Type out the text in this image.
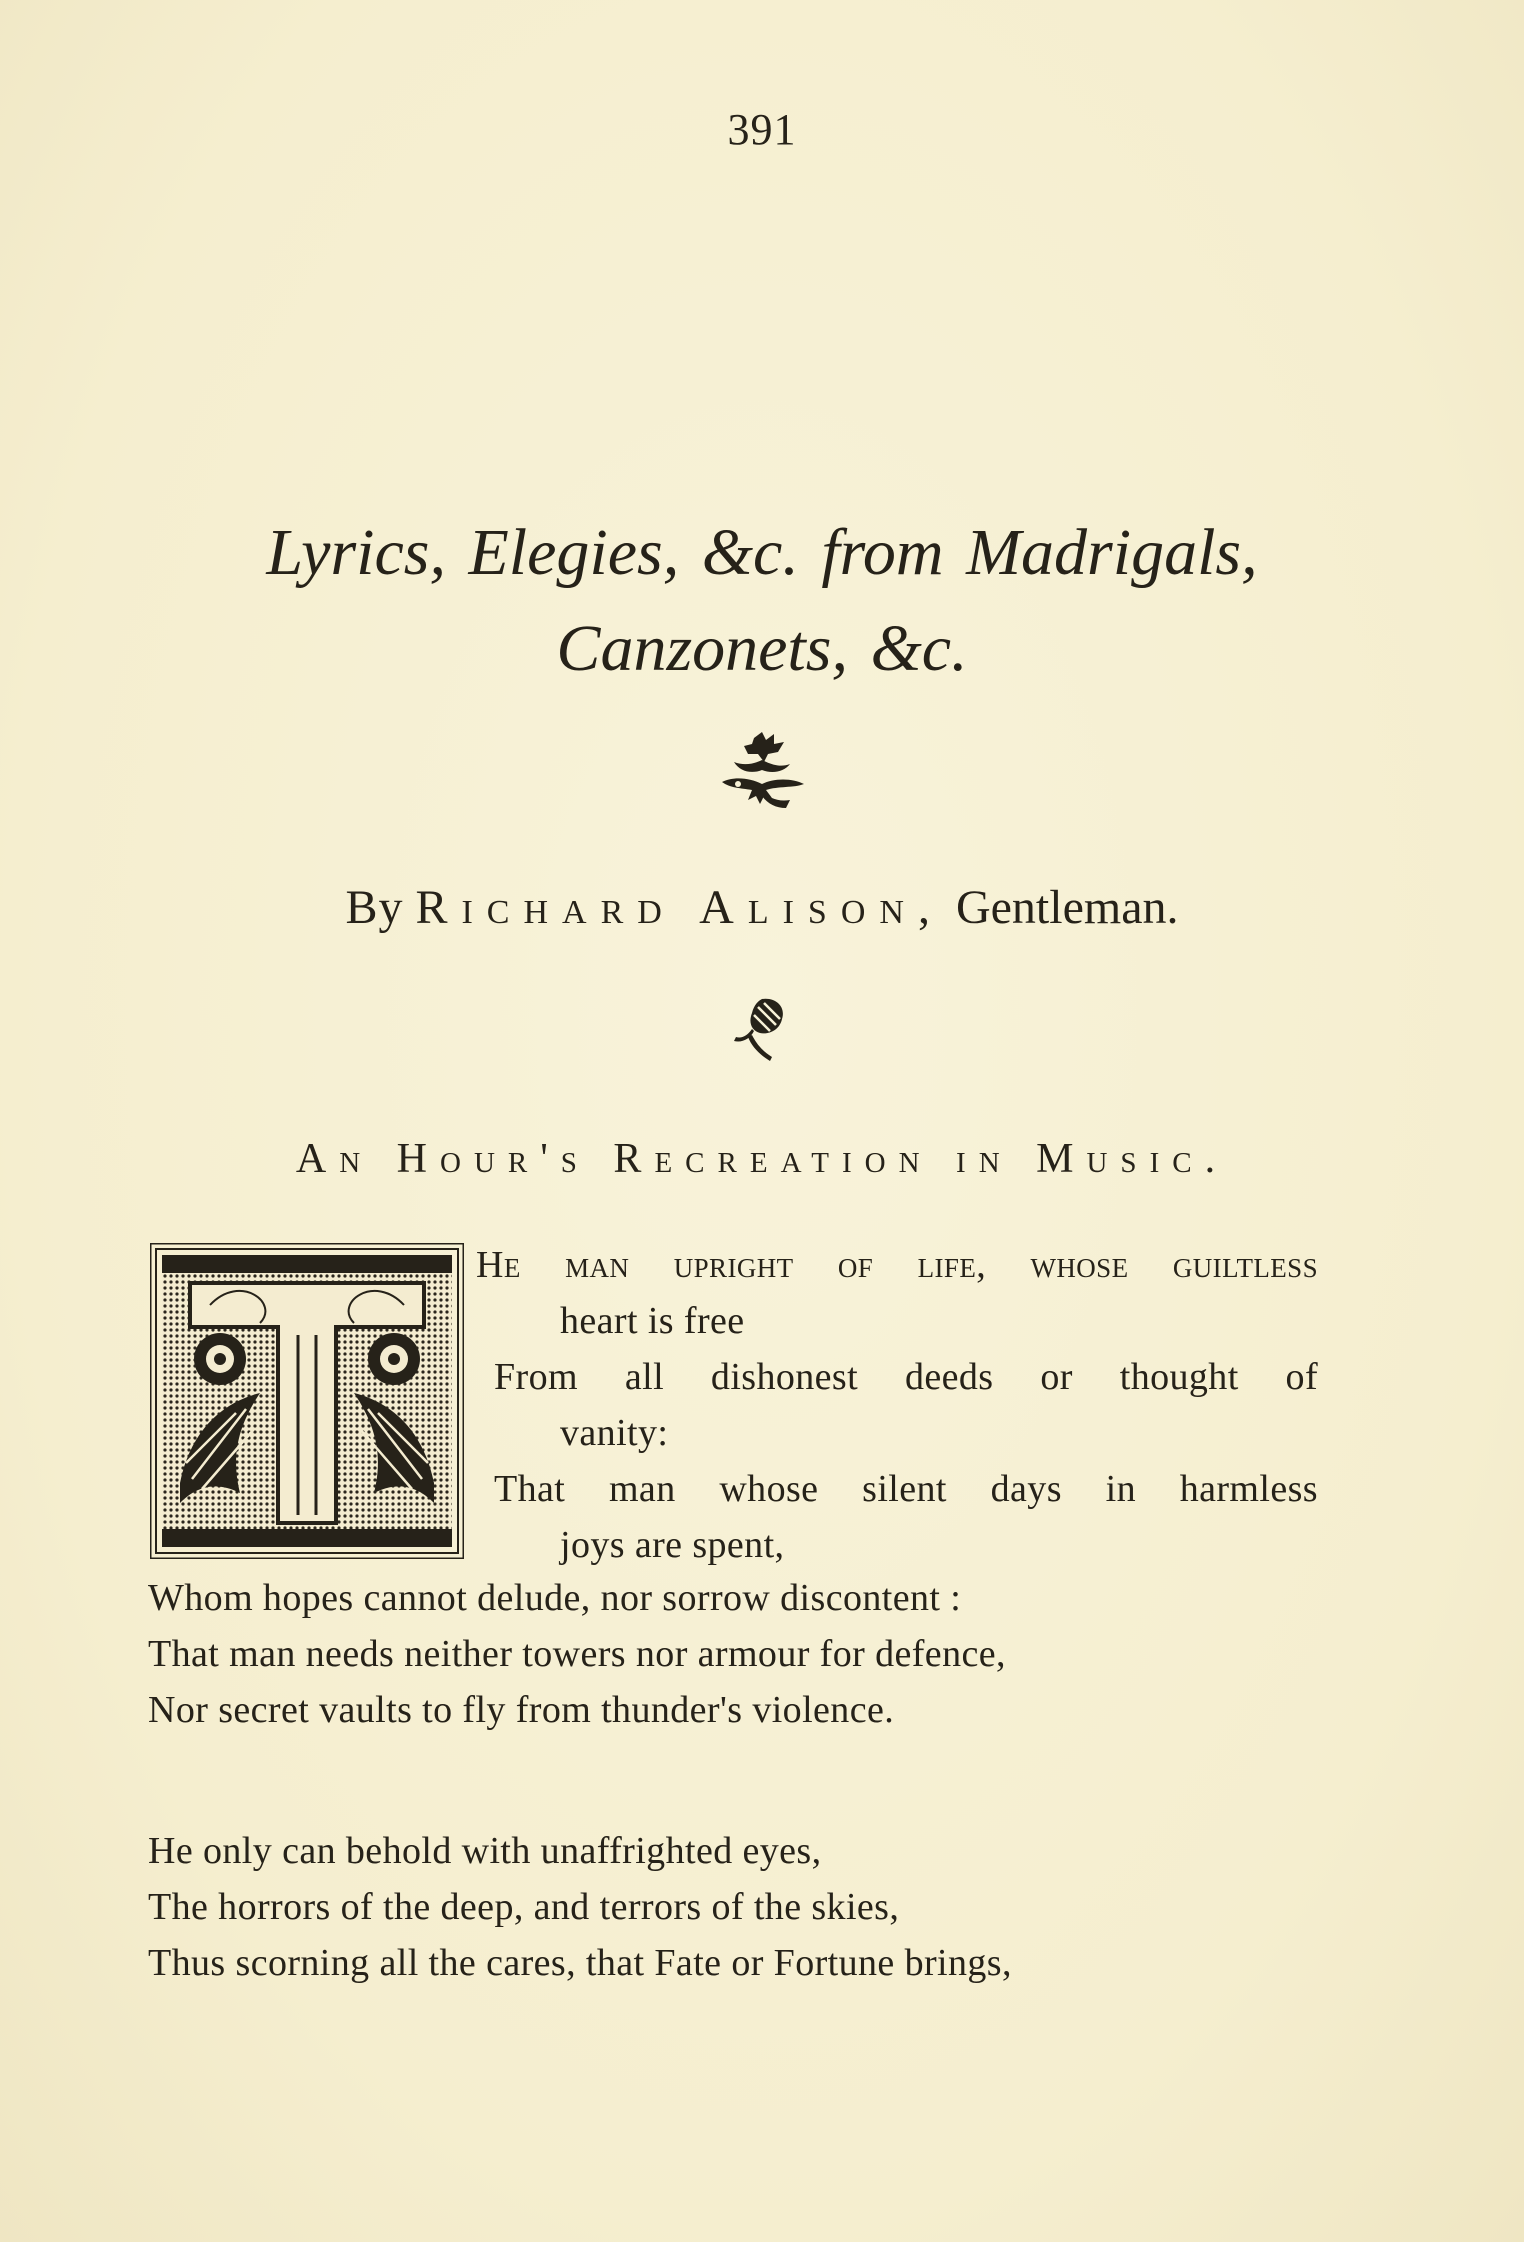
391
Lyrics, Elegies, &c. from Madrigals,
Canzonets, &c.
By Richard Alison, Gentleman.
An Hour's Recreation in Music.
He man upright of life, whose guiltless
heart is free
From all dishonest deeds or thought of
vanity:
That man whose silent days in harmless
joys are spent,
Whom hopes cannot delude, nor sorrow discontent :
That man needs neither towers nor armour for defence,
Nor secret vaults to fly from thunder's violence.
He only can behold with unaffrighted eyes,
The horrors of the deep, and terrors of the skies,
Thus scorning all the cares, that Fate or Fortune brings,
